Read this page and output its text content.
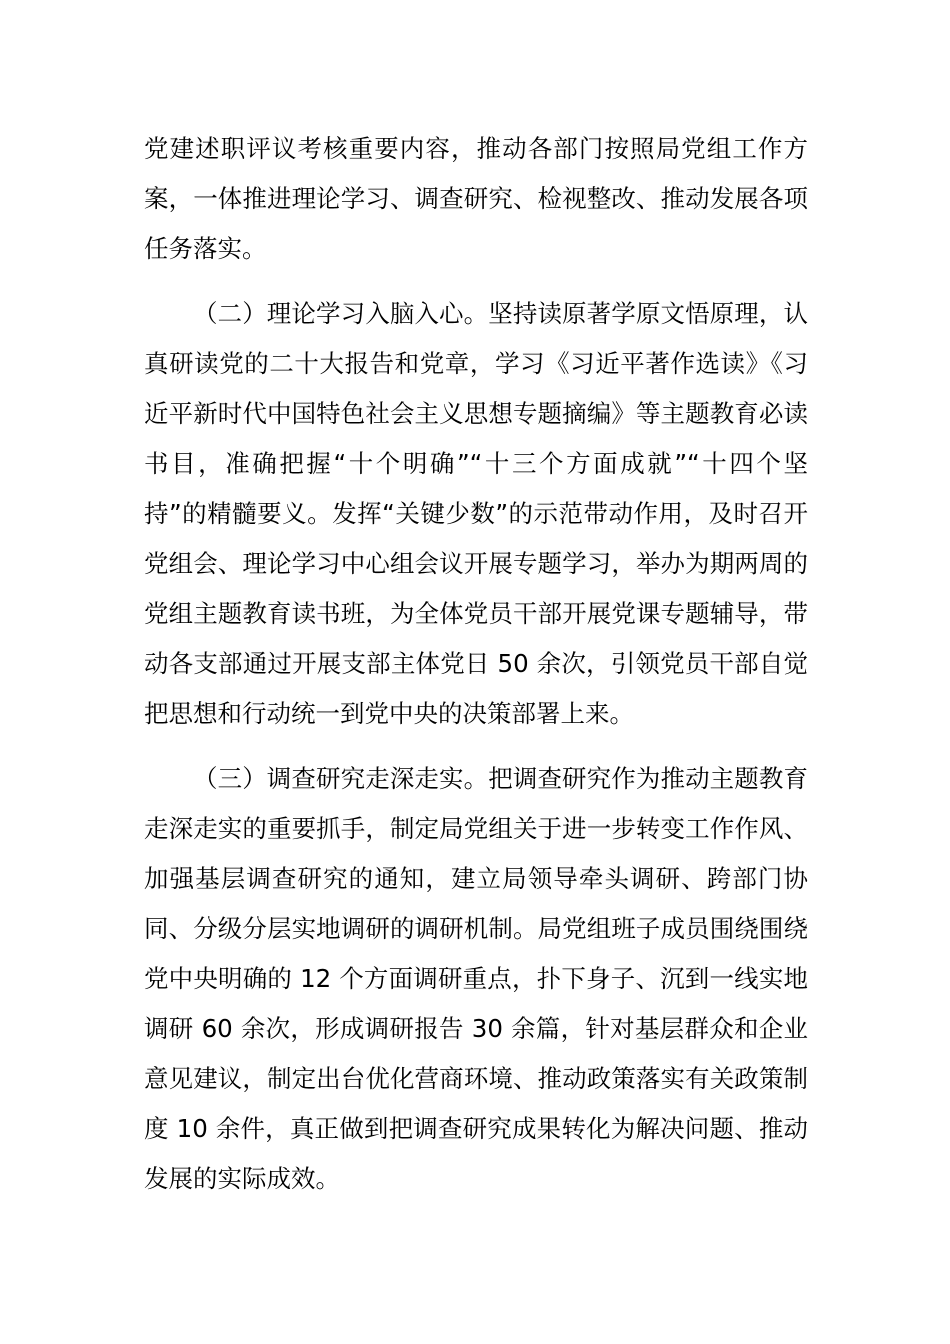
党建述职评议考核重要内容，推动各部门按照局党组工作方案，一体推进理论学习、调查研究、检视整改、推动发展各项任务落实。

（二）理论学习入脑入心。坚持读原著学原文悟原理，认真研读党的二十大报告和党章，学习《习近平著作选读》《习近平新时代中国特色社会主义思想专题摘编》等主题教育必读书目，准确把握“十个明确”“十三个方面成就”“十四个坚持”的精髓要义。发挥“关键少数”的示范带动作用，及时召开党组会、理论学习中心组会议开展专题学习，举办为期两周的党组主题教育读书班，为全体党员干部开展党课专题辅导，带动各支部通过开展支部主体党日 50 余次，引领党员干部自觉把思想和行动统一到党中央的决策部署上来。

（三）调查研究走深走实。把调查研究作为推动主题教育走深走实的重要抓手，制定局党组关于进一步转变工作作风、加强基层调查研究的通知，建立局领导牵头调研、跨部门协同、分级分层实地调研的调研机制。局党组班子成员围绕围绕党中央明确的 12 个方面调研重点，扑下身子、沉到一线实地调研 60 余次，形成调研报告 30 余篇，针对基层群众和企业意见建议，制定出台优化营商环境、推动政策落实有关政策制度 10 余件，真正做到把调查研究成果转化为解决问题、推动发展的实际成效。
